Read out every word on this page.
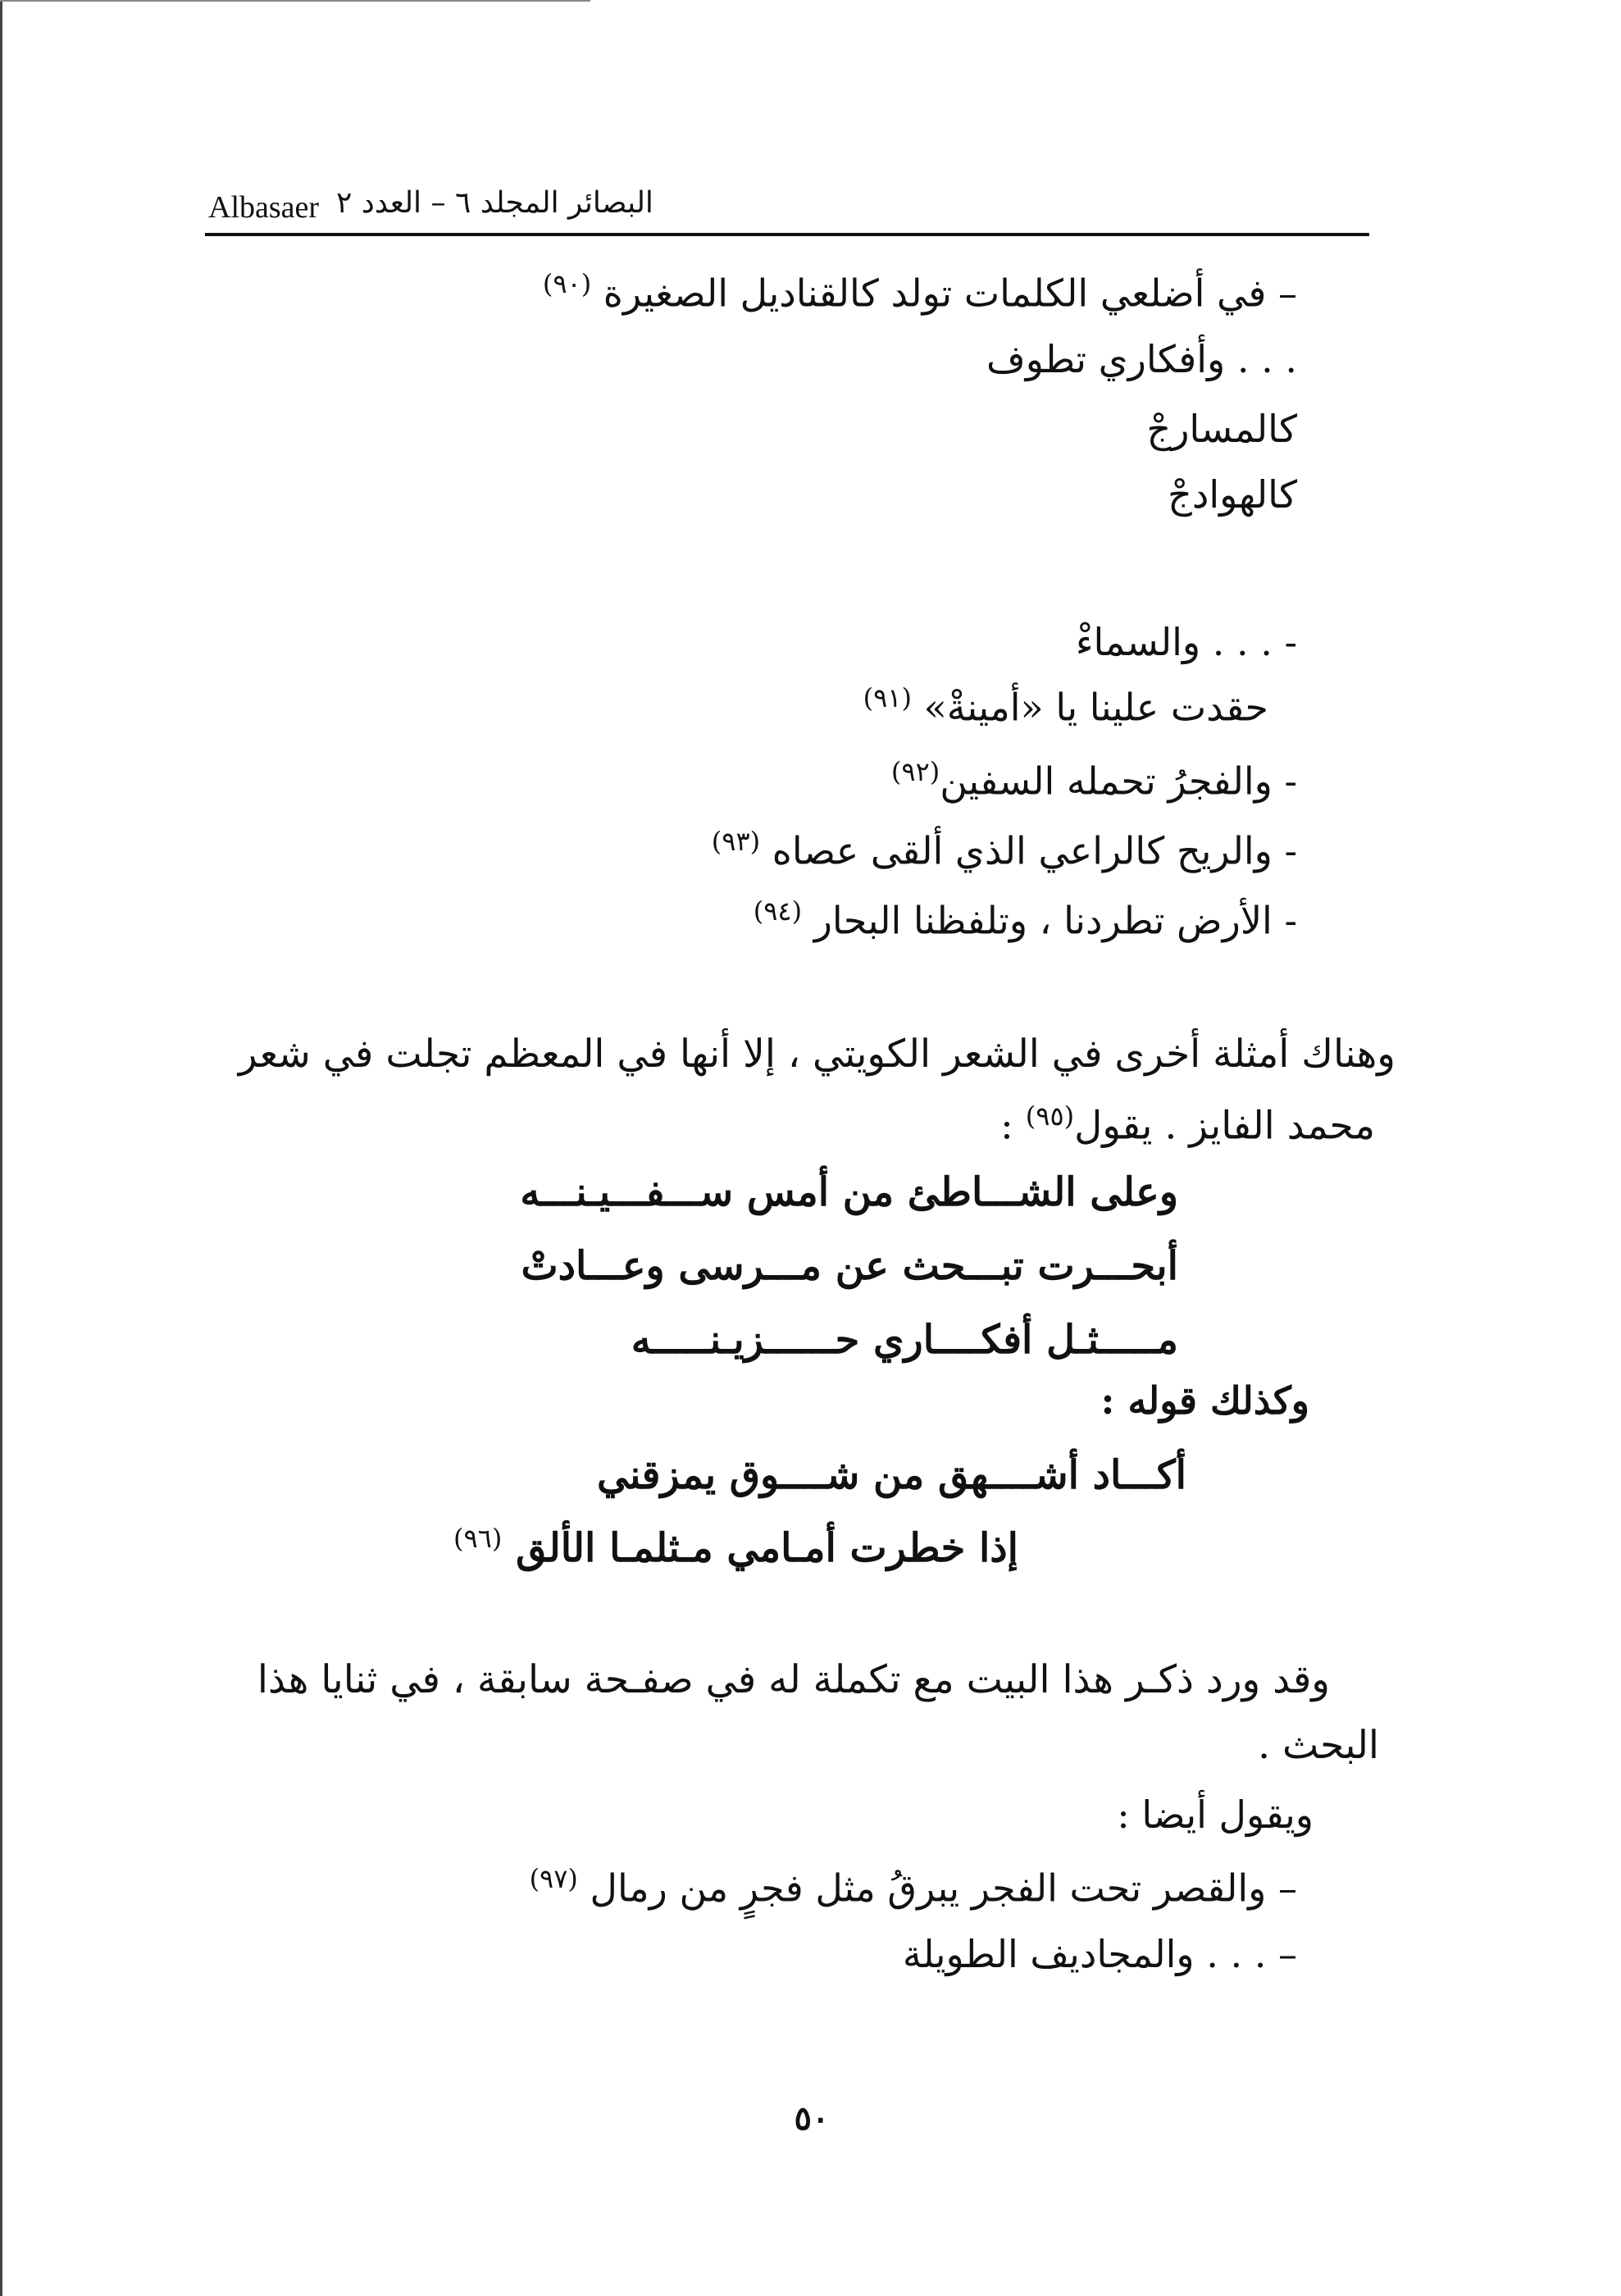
Albasaer البصائر المجلد ٦ – العدد ٢
– في أضلعي الكلمات تولد كالقناديل الصغيرة $^{(٩٠)}$
. . . وأفكاري تطوف
كالمسارجْ
كالهوادجْ
- . . . والسماءْ
حقدت علينا يا «أمينةْ» $^{(٩١)}$
- والفجرُ تحمله السفين$^{(٩٢)}$
- والريح كالراعي الذي ألقى عصاه $^{(٩٣)}$
- الأرض تطردنا ، وتلفظنا البحار $^{(٩٤)}$
وهناك أمثلة أخرى في الشعر الكويتي ، إلا أنها في المعظم تجلت في شعر
محمد الفايز . يقول$^{(٩٥)}$ :
وعلى الشـــاطئ من أمس ســـفـــيـنـــه
أبحـــرت تبـــحث عن مـــرسى وعـــادتْ
مـــــثـل أفكــــاري حــــــزيـنـــــه
وكذلك قوله :
أكـــاد أشــــهق من شــــوق يمزقني
إذا خطرت أمـامي مـثلمـا الألق $^{(٩٦)}$
وقد ورد ذكـر هذا البيت مع تكملة له في صفـحة سابقة ، في ثنايا هذا
البحث .
ويقول أيضا :
– والقصر تحت الفجر يبرقُ مثل فجرٍ من رمال $^{(٩٧)}$
– . . . والمجاديف الطويلة
٥٠
